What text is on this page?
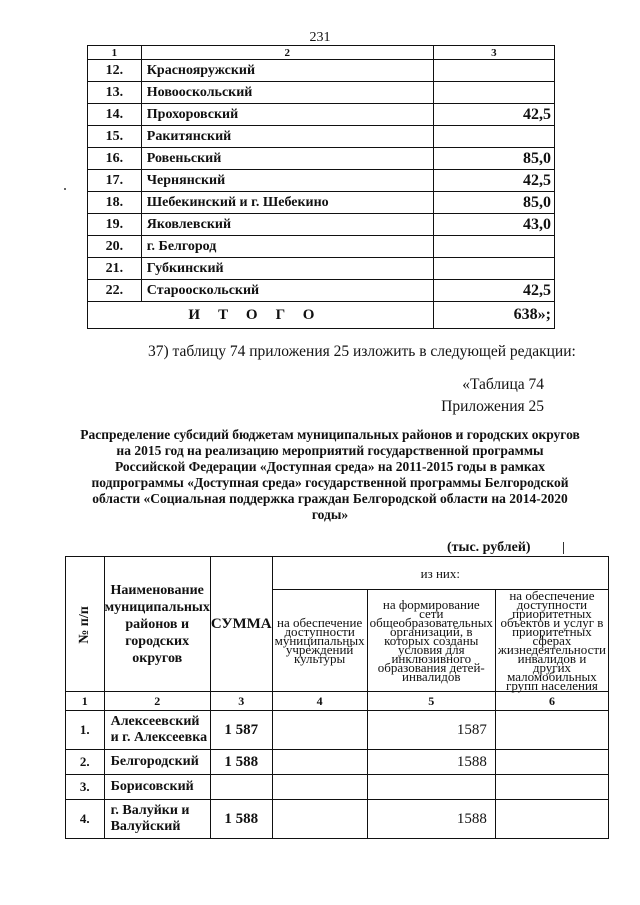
231
1	2	3
12.	Краснояружский	
13.	Новооскольский	
14.	Прохоровский	42,5
15.	Ракитянский	
16.	Ровеньский	85,0
17.	Чернянский	42,5
18.	Шебекинский и г. Шебекино	85,0
19.	Яковлевский	43,0
20.	г. Белгород	
21.	Губкинский	
22.	Старооскольский	42,5
ИТОГО		638»;
37) таблицу 74 приложения 25 изложить в следующей редакции:
«Таблица 74
Приложения 25
Распределение субсидий бюджетам муниципальных районов и городских округов на 2015 год на реализацию мероприятий государственной программы Российской Федерации «Доступная среда» на 2011-2015 годы в рамках подпрограммы «Доступная среда» государственной программы Белгородской области «Социальная поддержка граждан Белгородской области на 2014-2020 годы»
(тыс. рублей)
№ п/п	Наименование муниципальных районов и городских округов	СУММА	из них:		
			на обеспечение доступности муниципальных учреждений культуры	на формирование сети общеобразовательных организаций, в которых созданы условия для инклюзивного образования детей-инвалидов	на обеспечение доступности приоритетных объектов и услуг в приоритетных сферах жизнедеятельности инвалидов и других маломобильных групп населения
1	2	3	4	5	6
1.	Алексеевский и г. Алексеевка	1 587		1587	
2.	Белгородский	1 588		1588	
3.	Борисовский				
4.	г. Валуйки и Валуйский	1 588		1588	
